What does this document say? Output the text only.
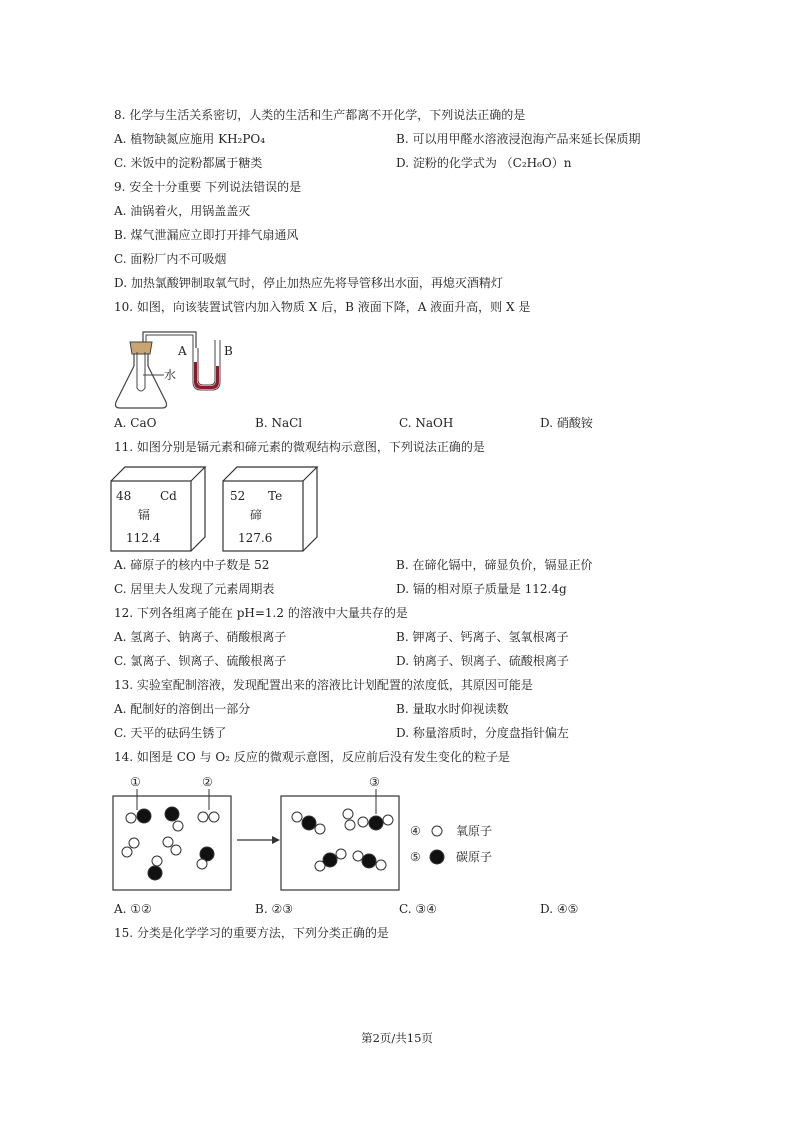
8. 化学与生活关系密切，人类的生活和生产都离不开化学，下列说法正确的是
A. 植物缺氮应施用 KH₂PO₄	B. 可以用甲醛水溶液浸泡海产品来延长保质期
C. 米饭中的淀粉都属于糖类	D. 淀粉的化学式为 （C₂H₆O）n
9. 安全十分重要 下列说法错误的是
A. 油锅着火，用锅盖盖灭
B. 煤气泄漏应立即打开排气扇通风
C. 面粉厂内不可吸烟
D. 加热氯酸钾制取氧气时，停止加热应先将导管移出水面，再熄灭酒精灯
10. 如图，向该装置试管内加入物质 X 后，B 液面下降，A 液面升高，则 X 是
水
A	B
A. CaO	B. NaCl	C. NaOH	D. 硝酸铵
11. 如图分别是镉元素和碲元素的微观结构示意图，下列说法正确的是
48 Cd
镉
112.4
52 Te
碲
127.6
A. 碲原子的核内中子数是 52	B. 在碲化镉中，碲显负价，镉显正价
C. 居里夫人发现了元素周期表	D. 镉的相对原子质量是 112.4g
12. 下列各组离子能在 pH=1.2 的溶液中大量共存的是
A. 氢离子、钠离子、硝酸根离子	B. 钾离子、钙离子、氢氧根离子
C. 氯离子、钡离子、硫酸根离子	D. 钠离子、钡离子、硫酸根离子
13. 实验室配制溶液，发现配置出来的溶液比计划配置的浓度低，其原因可能是
A. 配制好的溶倒出一部分	B. 量取水时仰视读数
C. 天平的砝码生锈了	D. 称量溶质时，分度盘指针偏左
14. 如图是 CO 与 O₂ 反应的微观示意图，反应前后没有发生变化的粒子是
①	②	③
④	氧原子
⑤	碳原子
A. ①②	B. ②③	C. ③④	D. ④⑤
15. 分类是化学学习的重要方法，下列分类正确的是
第2页/共15页
